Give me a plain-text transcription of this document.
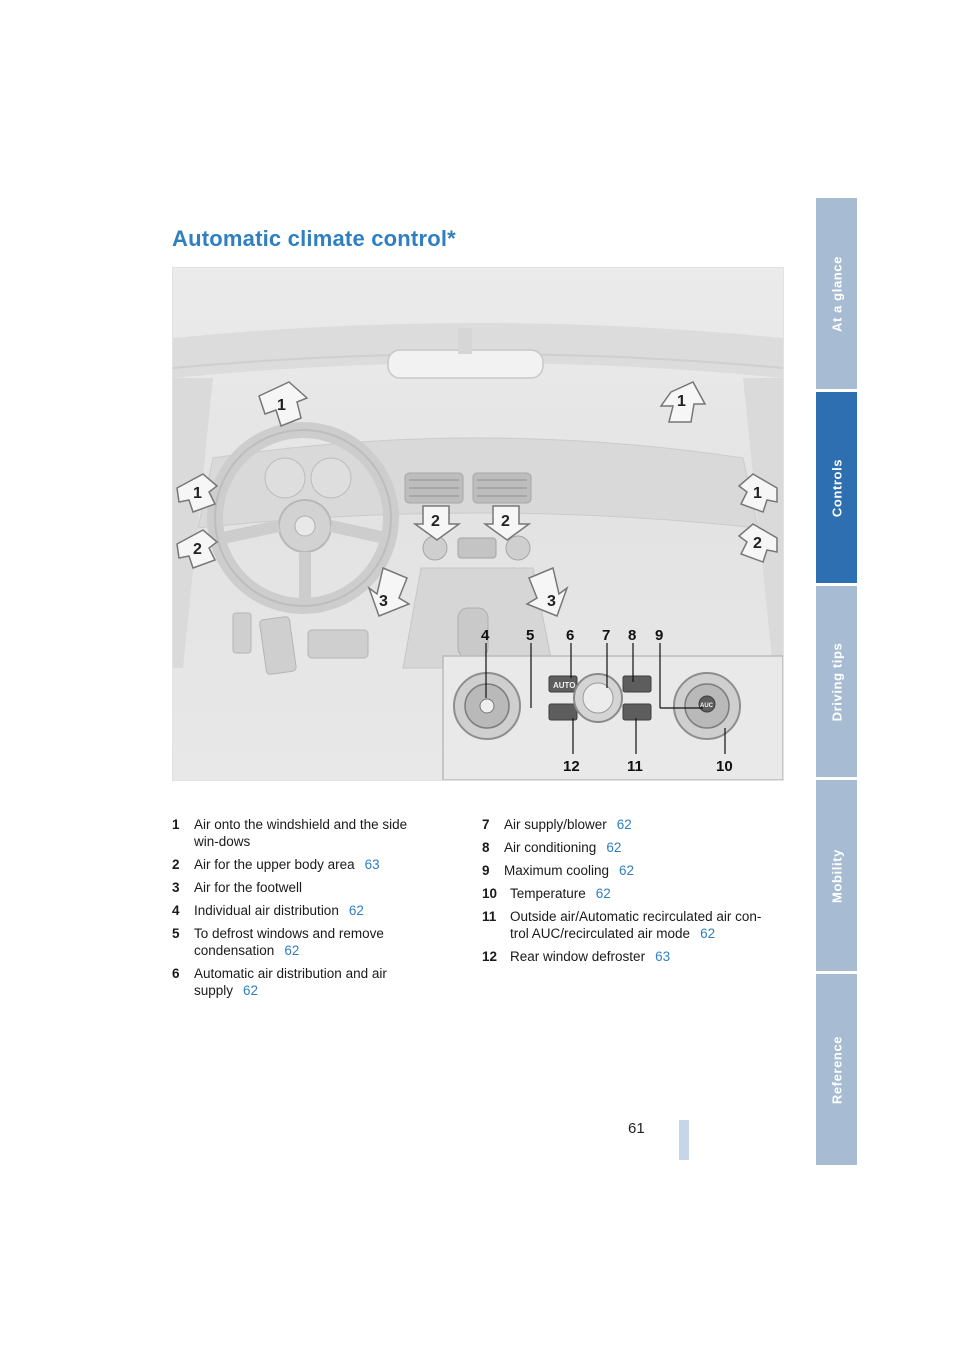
Automatic climate control*
1	1
1	1
2	2
2	2
3	3
AUTO
AUC
4 5 6 7 8 9
12	11	10
1 Air onto the windshield and the side win-dows
2 Air for the upper body area 63
3 Air for the footwell
4 Individual air distribution 62
5 To defrost windows and remove condensation 62
6 Automatic air distribution and air supply 62
7 Air supply/blower 62
8 Air conditioning 62
9 Maximum cooling 62
10 Temperature 62
11 Outside air/Automatic recirculated air con-trol AUC/recirculated air mode 62
12 Rear window defroster 63
At a glance
Controls
Driving tips
Mobility
Reference
61
